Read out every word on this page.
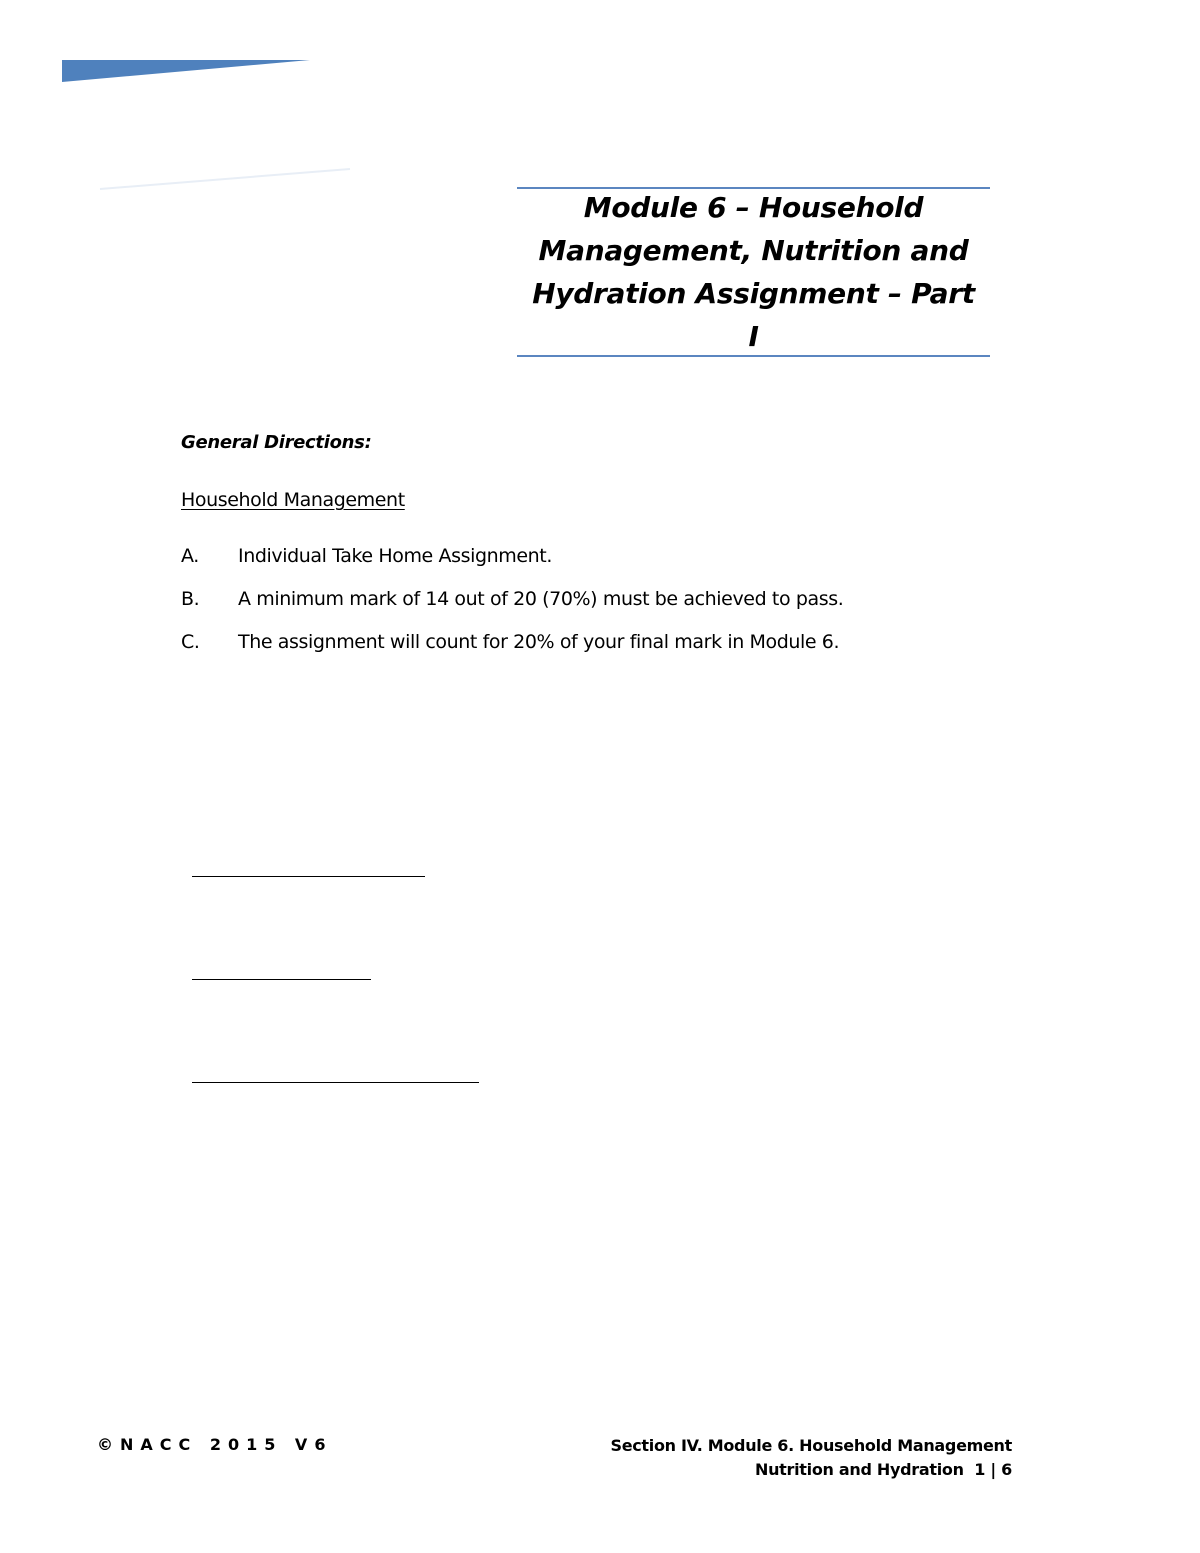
Module 6 – Household
Management, Nutrition and
Hydration Assignment – Part I
General Directions:
Household Management
A.	Individual Take Home Assignment.
B.	A minimum mark of 14 out of 20 (70%) must be achieved to pass.
C.	The assignment will count for 20% of your final mark in Module 6.
©NACC 2015 V6	Section IV. Module 6. Household Management
Nutrition and Hydration 1 | 6
